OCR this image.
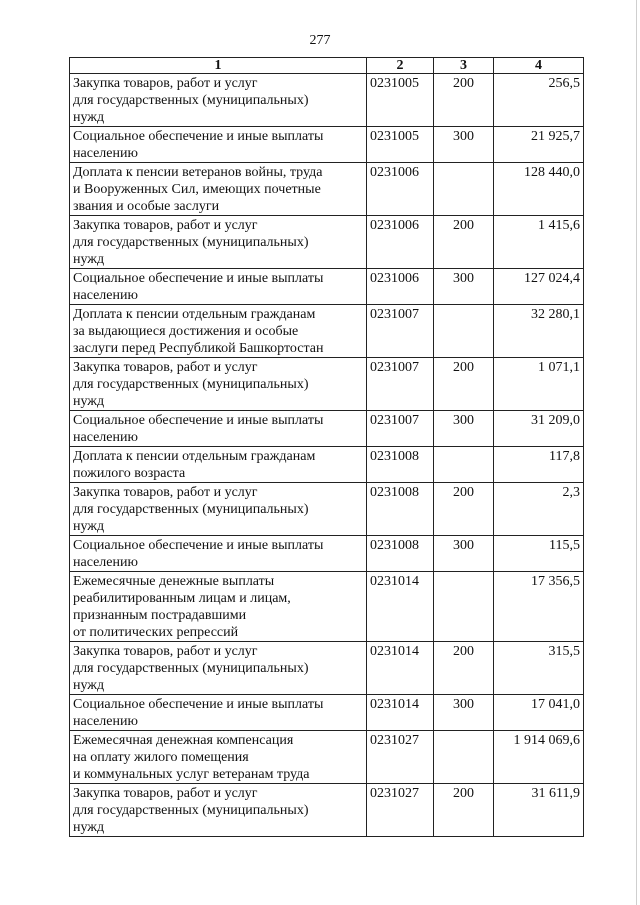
277
1	2	3	4
Закупка товаров, работ и услуг
для государственных (муниципальных)
нужд	0231005	200	256,5
Социальное обеспечение и иные выплаты
населению	0231005	300	21 925,7
Доплата к пенсии ветеранов войны, труда
и Вооруженных Сил, имеющих почетные
звания и особые заслуги	0231006		128 440,0
Закупка товаров, работ и услуг
для государственных (муниципальных)
нужд	0231006	200	1 415,6
Социальное обеспечение и иные выплаты
населению	0231006	300	127 024,4
Доплата к пенсии отдельным гражданам
за выдающиеся достижения и особые
заслуги перед Республикой Башкортостан	0231007		32 280,1
Закупка товаров, работ и услуг
для государственных (муниципальных)
нужд	0231007	200	1 071,1
Социальное обеспечение и иные выплаты
населению	0231007	300	31 209,0
Доплата к пенсии отдельным гражданам
пожилого возраста	0231008		117,8
Закупка товаров, работ и услуг
для государственных (муниципальных)
нужд	0231008	200	2,3
Социальное обеспечение и иные выплаты
населению	0231008	300	115,5
Ежемесячные денежные выплаты
реабилитированным лицам и лицам,
признанным пострадавшими
от политических репрессий	0231014		17 356,5
Закупка товаров, работ и услуг
для государственных (муниципальных)
нужд	0231014	200	315,5
Социальное обеспечение и иные выплаты
населению	0231014	300	17 041,0
Ежемесячная денежная компенсация
на оплату жилого помещения
и коммунальных услуг ветеранам труда	0231027		1 914 069,6
Закупка товаров, работ и услуг
для государственных (муниципальных)
нужд	0231027	200	31 611,9
